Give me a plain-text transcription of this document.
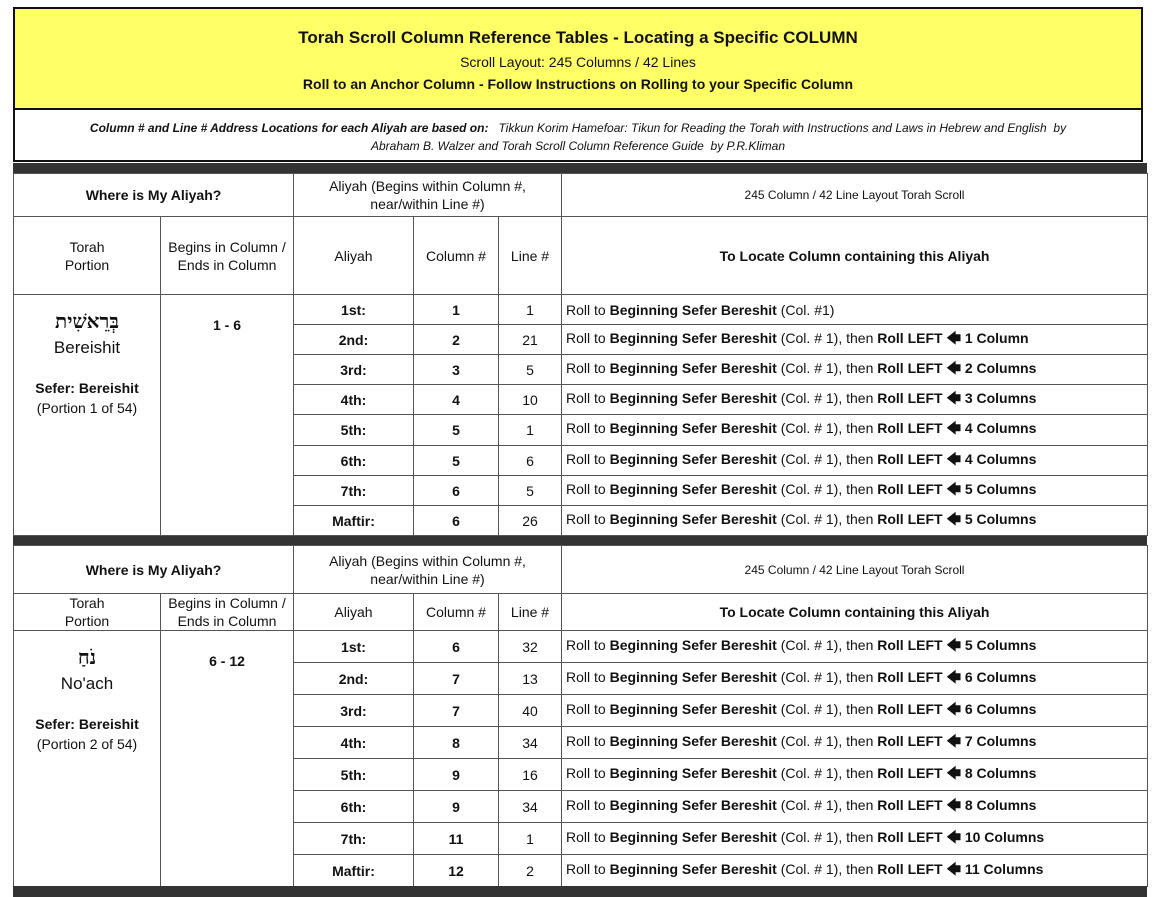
Torah Scroll Column Reference Tables - Locating a Specific COLUMN
Scroll Layout: 245 Columns / 42 Lines
Roll to an Anchor Column - Follow Instructions on Rolling to your Specific Column
Column # and Line # Address Locations for each Aliyah are based on: Tikkun Korim Hamefoar: Tikun for Reading the Torah with Instructions and Laws in Hebrew and English by
Abraham B. Walzer and Torah Scroll Column Reference Guide by P.R.Kliman
Where is My Aliyah?		Aliyah (Begins within Column #,
near/within Line #)			245 Column / 42 Line Layout Torah Scroll
Torah
Portion	Begins in Column /
Ends in Column	Aliyah	Column #	Line #	To Locate Column containing this Aliyah

בְּרֵאשִׁית
Bereishit
Sefer: Bereishit
(Portion 1 of 54)	1 - 6	1st:	1	1	Roll to Beginning Sefer Bereshit (Col. #1)
		2nd:	2	21	Roll to Beginning Sefer Bereshit (Col. # 1), then Roll LEFT 🡄 1 Column
		3rd:	3	5	Roll to Beginning Sefer Bereshit (Col. # 1), then Roll LEFT 🡄 2 Columns
		4th:	4	10	Roll to Beginning Sefer Bereshit (Col. # 1), then Roll LEFT 🡄 3 Columns
		5th:	5	1	Roll to Beginning Sefer Bereshit (Col. # 1), then Roll LEFT 🡄 4 Columns
		6th:	5	6	Roll to Beginning Sefer Bereshit (Col. # 1), then Roll LEFT 🡄 4 Columns
		7th:	6	5	Roll to Beginning Sefer Bereshit (Col. # 1), then Roll LEFT 🡄 5 Columns
		Maftir:	6	26	Roll to Beginning Sefer Bereshit (Col. # 1), then Roll LEFT 🡄 5 Columns
Where is My Aliyah?		Aliyah (Begins within Column #,
near/within Line #)			245 Column / 42 Line Layout Torah Scroll
Torah
Portion	Begins in Column /
Ends in Column	Aliyah	Column #	Line #	To Locate Column containing this Aliyah

נֹחַ
No'ach
Sefer: Bereishit
(Portion 2 of 54)	6 - 12	1st:	6	32	Roll to Beginning Sefer Bereshit (Col. # 1), then Roll LEFT 🡄 5 Columns
		2nd:	7	13	Roll to Beginning Sefer Bereshit (Col. # 1), then Roll LEFT 🡄 6 Columns
		3rd:	7	40	Roll to Beginning Sefer Bereshit (Col. # 1), then Roll LEFT 🡄 6 Columns
		4th:	8	34	Roll to Beginning Sefer Bereshit (Col. # 1), then Roll LEFT 🡄 7 Columns
		5th:	9	16	Roll to Beginning Sefer Bereshit (Col. # 1), then Roll LEFT 🡄 8 Columns
		6th:	9	34	Roll to Beginning Sefer Bereshit (Col. # 1), then Roll LEFT 🡄 8 Columns
		7th:	11	1	Roll to Beginning Sefer Bereshit (Col. # 1), then Roll LEFT 🡄 10 Columns
		Maftir:	12	2	Roll to Beginning Sefer Bereshit (Col. # 1), then Roll LEFT 🡄 11 Columns
